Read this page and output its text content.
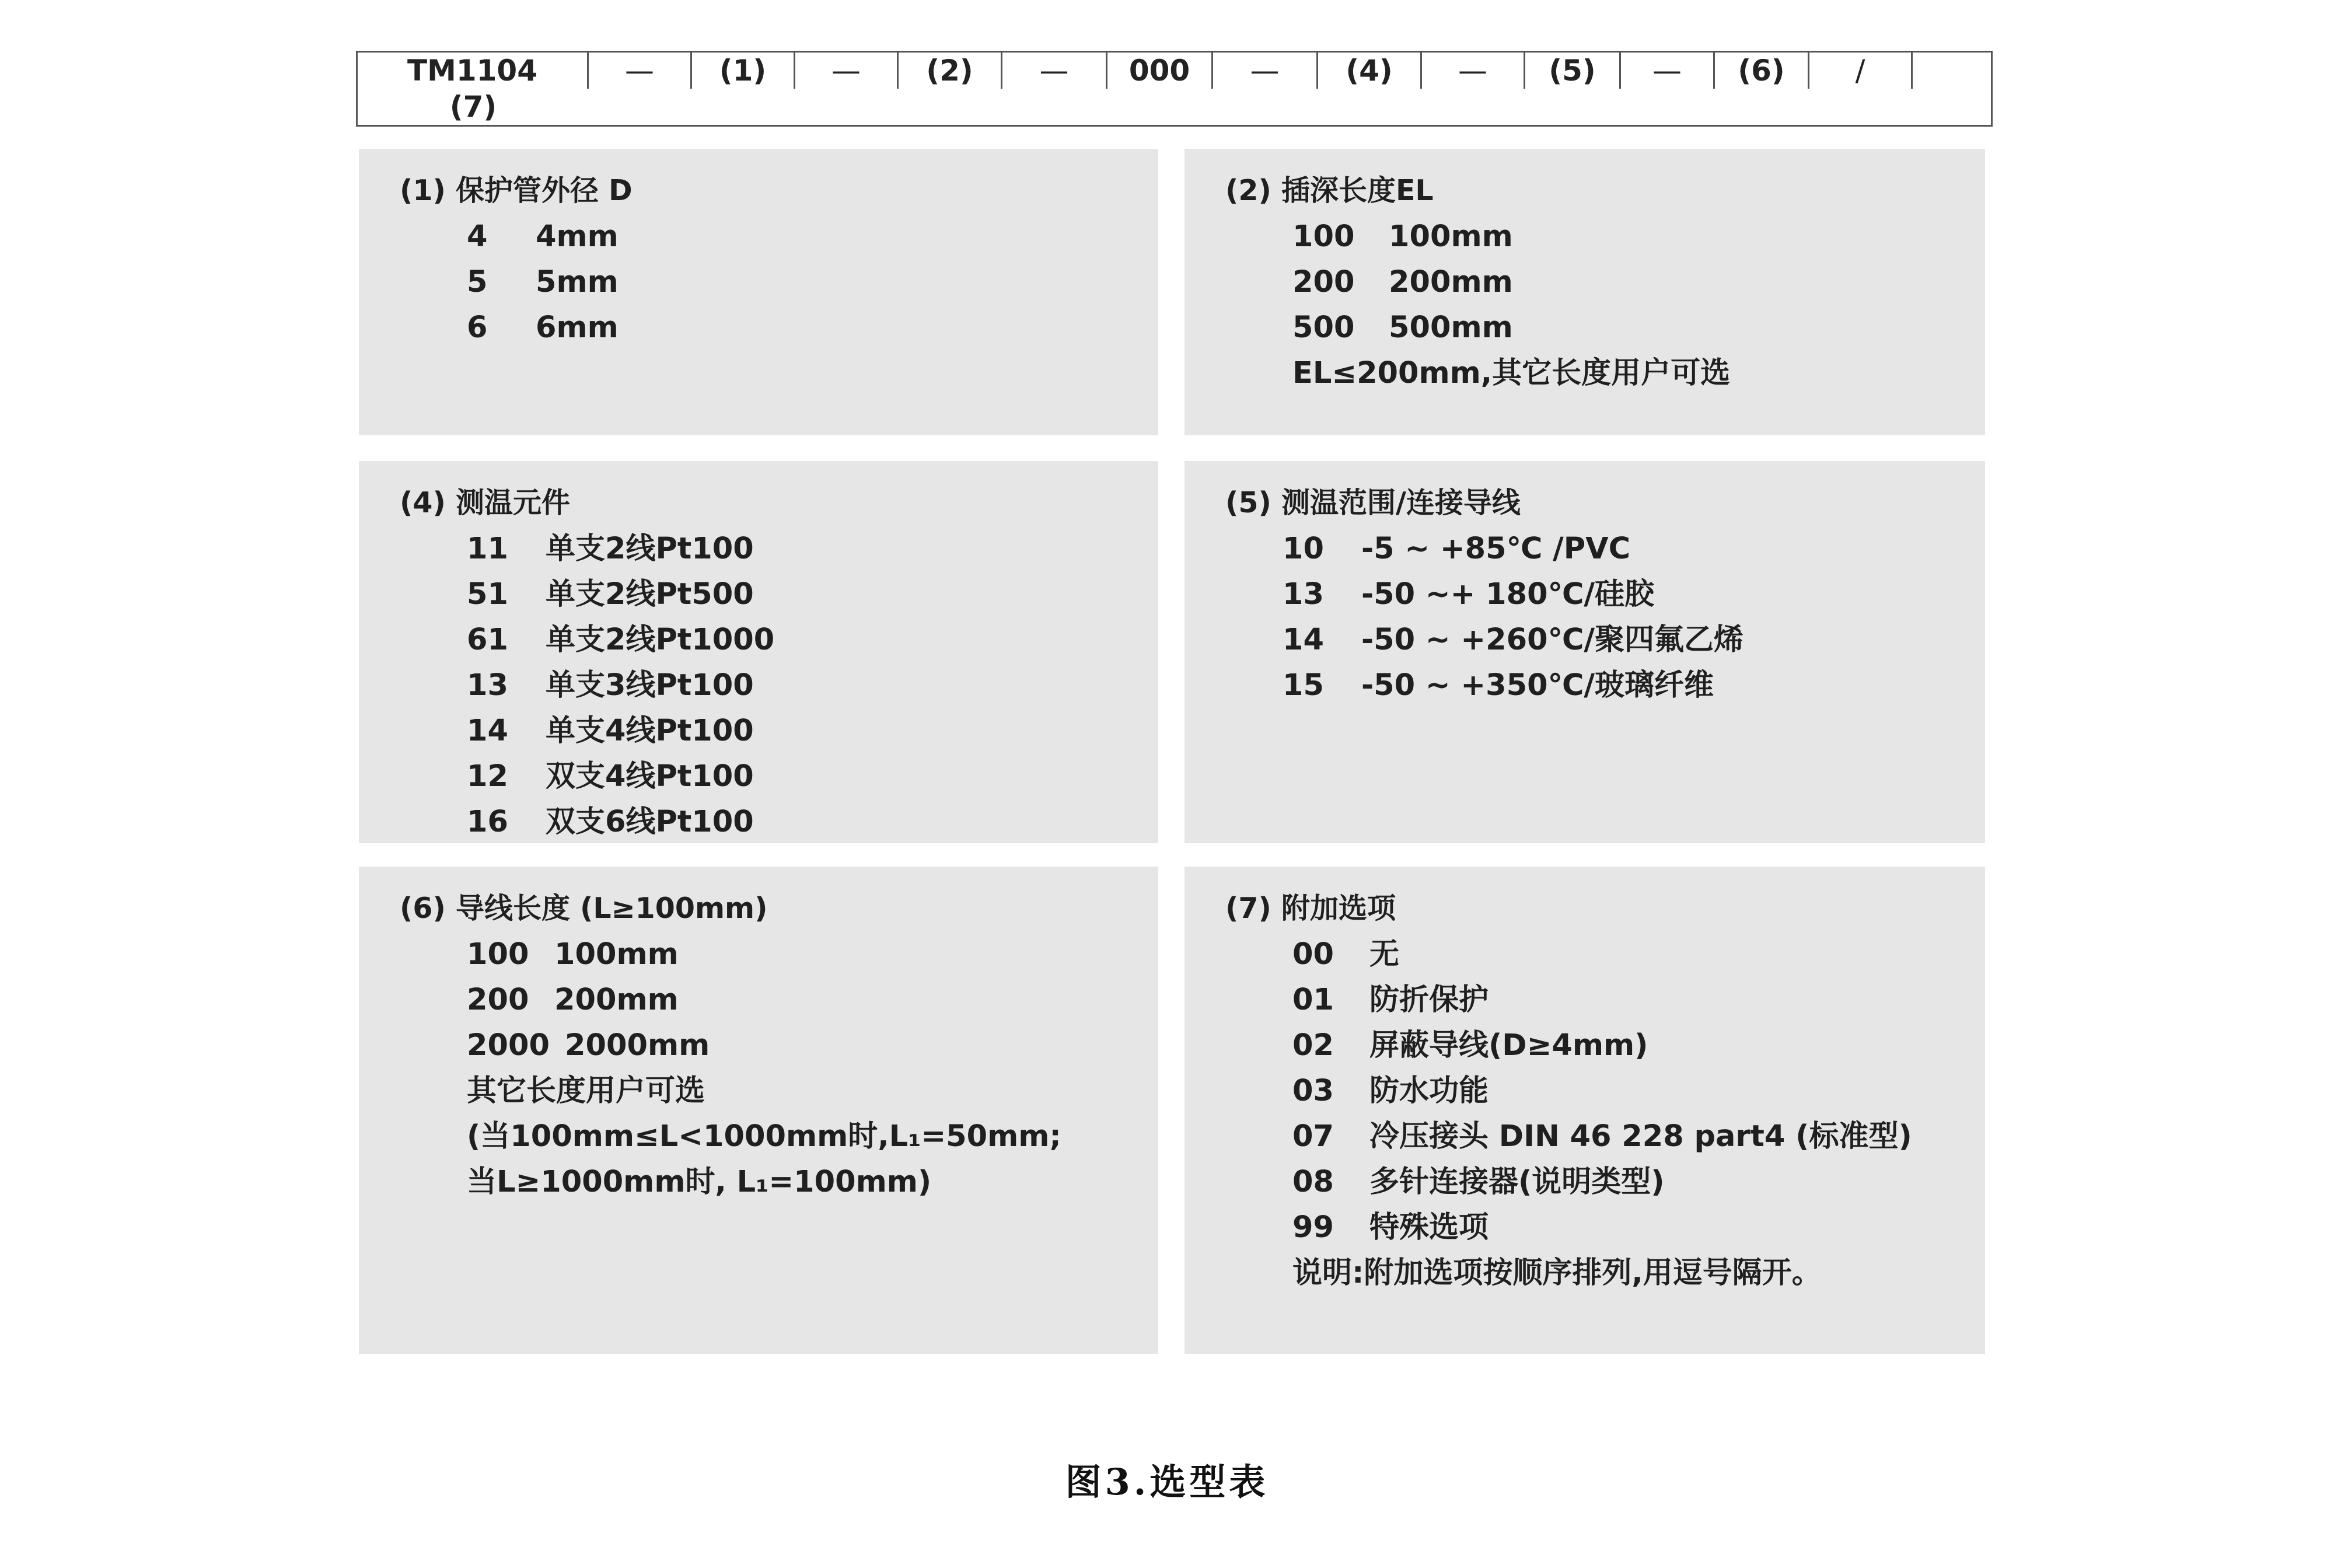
TM1104	—	(1)	—	(2)	—	000	—	(4)	—	(5)	—	(6)	/
(7)
(1) 保护管外径 D
4	4mm
5	5mm
6	6mm
(2) 插深长度EL
100	100mm
200	200mm
500	500mm
EL≤200mm,其它长度用户可选
(4) 测温元件
11	单支2线Pt100
51	单支2线Pt500
61	单支2线Pt1000
13	单支3线Pt100
14	单支4线Pt100
12	双支4线Pt100
16	双支6线Pt100
(5) 测温范围/连接导线
10	-5 ~ +85℃ /PVC
13	-50 ~+ 180℃/硅胶
14	-50 ~ +260℃/聚四氟乙烯
15	-50 ~ +350℃/玻璃纤维
(6) 导线长度 (L≥100mm)
100 100mm
200 200mm
2000 2000mm
其它长度用户可选
(当100mm≤L<1000mm时,L₁=50mm;
当L≥1000mm时, L₁=100mm)
(7) 附加选项
00	无
01	防折保护
02	屏蔽导线(D≥4mm)
03	防水功能
07	冷压接头 DIN 46 228 part4 (标准型)
08	多针连接器(说明类型)
99	特殊选项
说明:附加选项按顺序排列,用逗号隔开。
图3.选型表
